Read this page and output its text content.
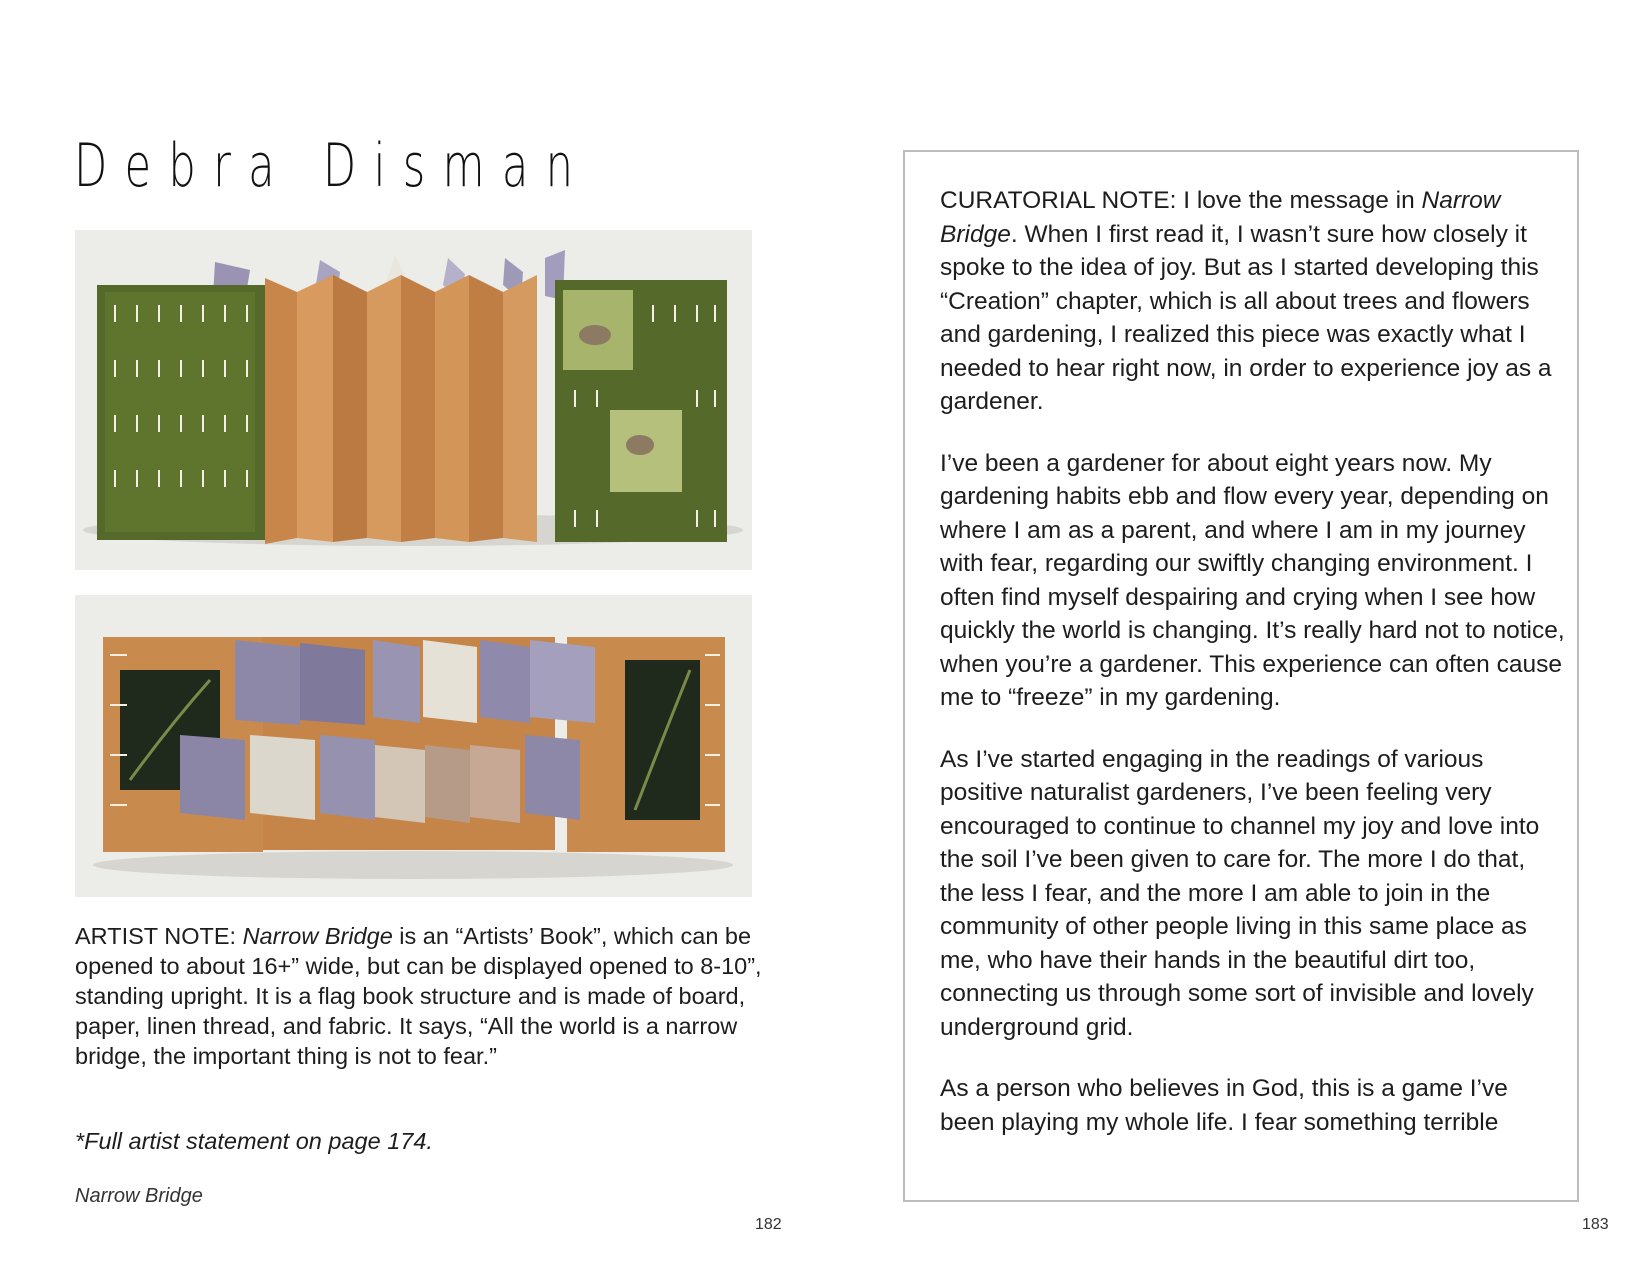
Debra Disman

ARTIST NOTE: Narrow Bridge is an “Artists’ Book”, which can be opened to about 16+” wide, but can be displayed opened to 8-10”, standing upright. It is a flag book structure and is made of board, paper, linen thread, and fabric. It says, “All the world is a narrow bridge, the important thing is not to fear.”

*Full artist statement on page 174.

Narrow Bridge

182

CURATORIAL NOTE: I love the message in Narrow Bridge. When I first read it, I wasn’t sure how closely it spoke to the idea of joy. But as I started developing this “Creation” chapter, which is all about trees and flowers and gardening, I realized this piece was exactly what I needed to hear right now, in order to experience joy as a gardener.

I’ve been a gardener for about eight years now. My gardening habits ebb and flow every year, depending on where I am as a parent, and where I am in my journey with fear, regarding our swiftly changing environment. I often find myself despairing and crying when I see how quickly the world is changing. It’s really hard not to notice, when you’re a gardener. This experience can often cause me to “freeze” in my gardening.

As I’ve started engaging in the readings of various positive naturalist gardeners, I’ve been feeling very encouraged to continue to channel my joy and love into the soil I’ve been given to care for. The more I do that, the less I fear, and the more I am able to join in the community of other people living in this same place as me, who have their hands in the beautiful dirt too, connecting us through some sort of invisible and lovely underground grid.

As a person who believes in God, this is a game I’ve been playing my whole life. I fear something terrible

183
